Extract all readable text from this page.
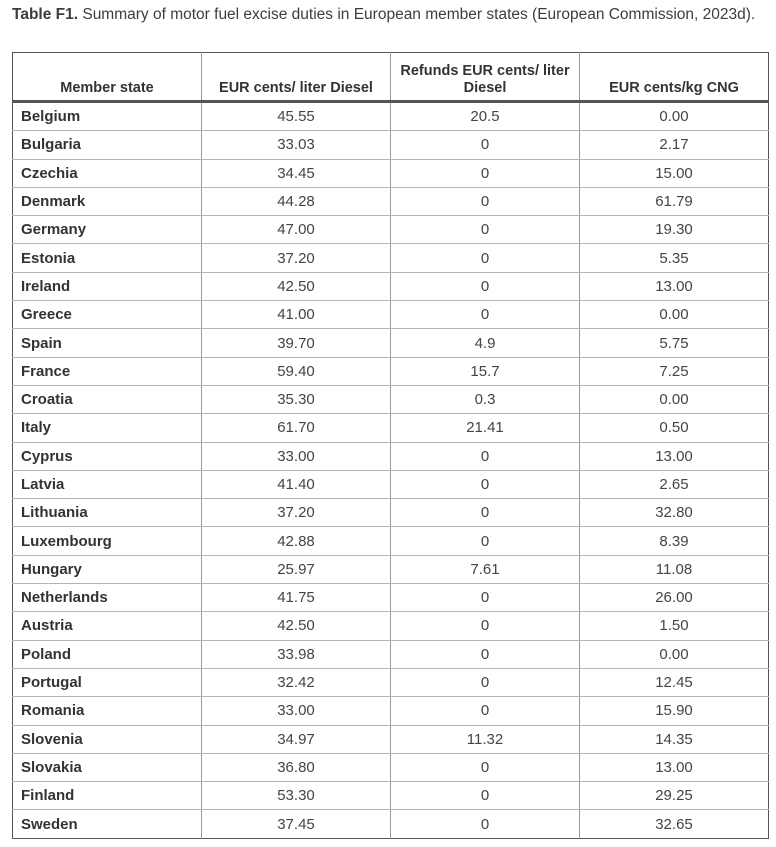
Table F1. Summary of motor fuel excise duties in European member states (European Commission, 2023d).

Member state	EUR cents/ liter Diesel	Refunds EUR cents/ liter Diesel	EUR cents/kg CNG
Belgium	45.55	20.5	0.00
Bulgaria	33.03	0	2.17
Czechia	34.45	0	15.00
Denmark	44.28	0	61.79
Germany	47.00	0	19.30
Estonia	37.20	0	5.35
Ireland	42.50	0	13.00
Greece	41.00	0	0.00
Spain	39.70	4.9	5.75
France	59.40	15.7	7.25
Croatia	35.30	0.3	0.00
Italy	61.70	21.41	0.50
Cyprus	33.00	0	13.00
Latvia	41.40	0	2.65
Lithuania	37.20	0	32.80
Luxembourg	42.88	0	8.39
Hungary	25.97	7.61	11.08
Netherlands	41.75	0	26.00
Austria	42.50	0	1.50
Poland	33.98	0	0.00
Portugal	32.42	0	12.45
Romania	33.00	0	15.90
Slovenia	34.97	11.32	14.35
Slovakia	36.80	0	13.00
Finland	53.30	0	29.25
Sweden	37.45	0	32.65
